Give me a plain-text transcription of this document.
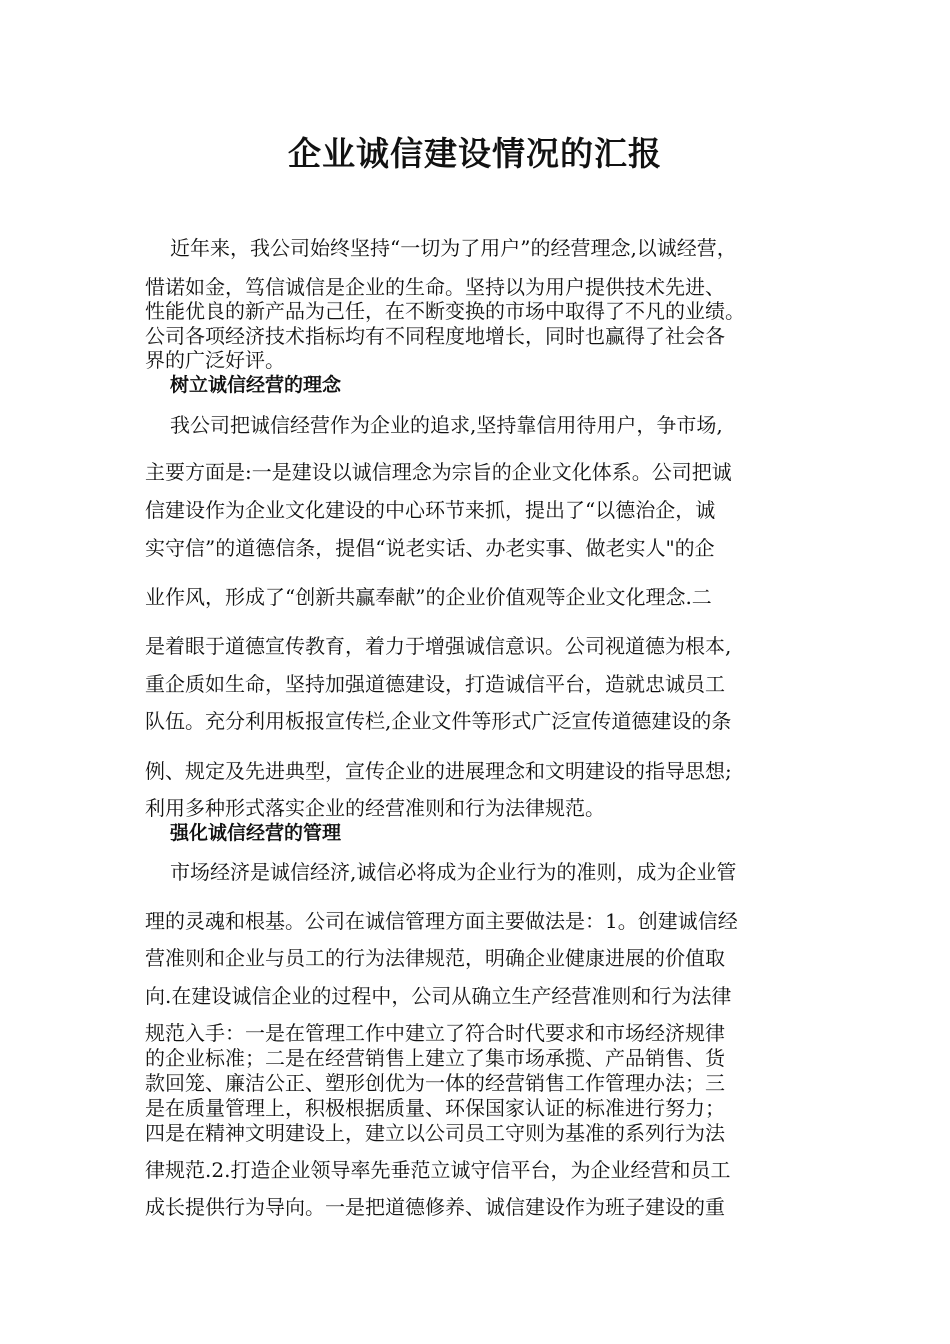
企业诚信建设情况的汇报
近年来，我公司始终坚持“一切为了用户”的经营理念,以诚经营，
惜诺如金，笃信诚信是企业的生命。坚持以为用户提供技术先进、
性能优良的新产品为己任，在不断变换的市场中取得了不凡的业绩。
公司各项经济技术指标均有不同程度地增长，同时也赢得了社会各
界的广泛好评。
树立诚信经营的理念
我公司把诚信经营作为企业的追求,坚持靠信用待用户，争市场,
主要方面是:一是建设以诚信理念为宗旨的企业文化体系。公司把诚
信建设作为企业文化建设的中心环节来抓，提出了“以德治企，诚
实守信”的道德信条，提倡“说老实话、办老实事、做老实人"的企
业作风，形成了“创新共赢奉献”的企业价值观等企业文化理念.二
是着眼于道德宣传教育，着力于增强诚信意识。公司视道德为根本,
重企质如生命，坚持加强道德建设，打造诚信平台，造就忠诚员工
队伍。充分利用板报宣传栏,企业文件等形式广泛宣传道德建设的条
例、规定及先进典型，宣传企业的进展理念和文明建设的指导思想;
利用多种形式落实企业的经营准则和行为法律规范。
强化诚信经营的管理
市场经济是诚信经济,诚信必将成为企业行为的准则，成为企业管
理的灵魂和根基。公司在诚信管理方面主要做法是：1。创建诚信经
营准则和企业与员工的行为法律规范，明确企业健康进展的价值取
向.在建设诚信企业的过程中，公司从确立生产经营准则和行为法律
规范入手：一是在管理工作中建立了符合时代要求和市场经济规律
的企业标准；二是在经营销售上建立了集市场承揽、产品销售、货
款回笼、廉洁公正、塑形创优为一体的经营销售工作管理办法；三
是在质量管理上，积极根据质量、环保国家认证的标准进行努力；
四是在精神文明建设上，建立以公司员工守则为基准的系列行为法
律规范.2.打造企业领导率先垂范立诚守信平台，为企业经营和员工
成长提供行为导向。一是把道德修养、诚信建设作为班子建设的重
